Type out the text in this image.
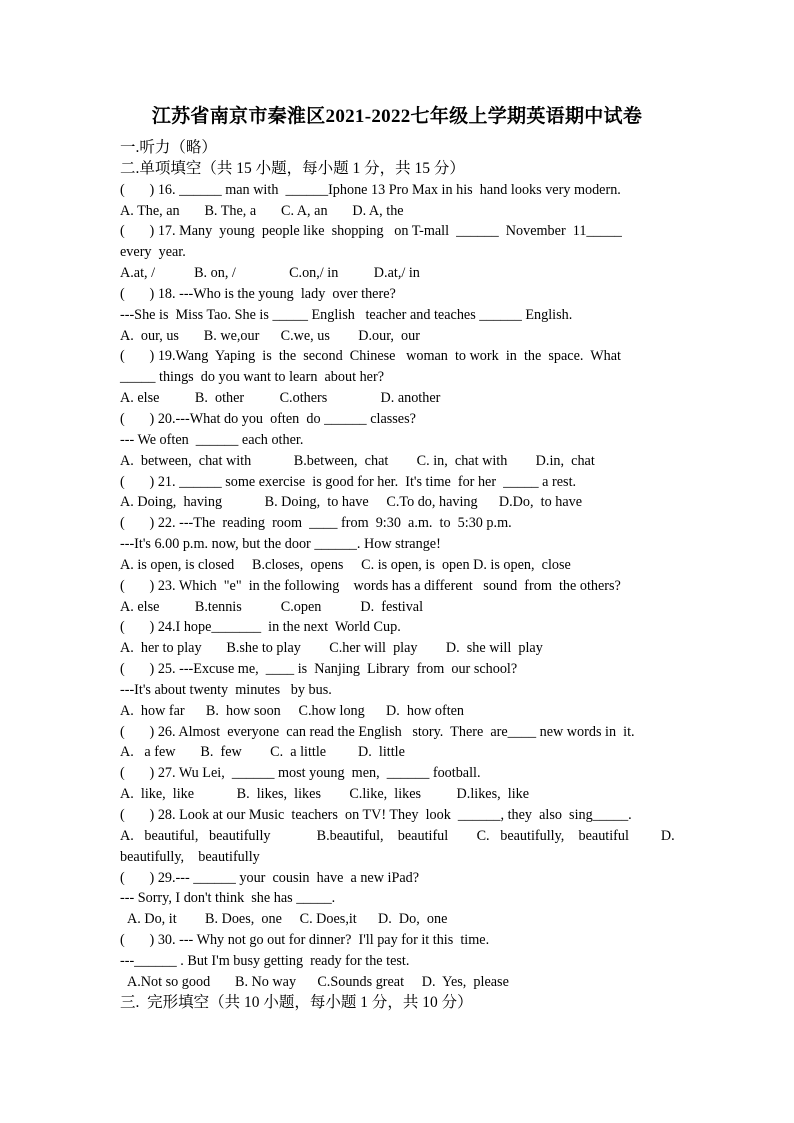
江苏省南京市秦淮区2021-2022七年级上学期英语期中试卷
一.听力（略）
二.单项填空（共 15 小题，每小题 1 分，共 15 分）
(       ) 16. ______ man with  ______Iphone 13 Pro Max in his  hand looks very modern.
A. The, an       B. The, a       C. A, an       D. A, the
(       ) 17. Many  young  people like  shopping   on T-mall  ______  November  11_____
every  year.
A.at, /           B. on, /               C.on,/ in          D.at,/ in
(       ) 18. ---Who is the young  lady  over there?
---She is  Miss Tao. She is _____ English   teacher and teaches ______ English.
A.  our, us       B. we,our      C.we, us        D.our,  our
(       ) 19.Wang  Yaping  is  the  second  Chinese   woman  to work  in  the  space.  What
_____ things  do you want to learn  about her?
A. else          B.  other          C.others               D. another
(       ) 20.---What do you  often  do ______ classes?
--- We often  ______ each other.
A.  between,  chat with            B.between,  chat        C. in,  chat with        D.in,  chat
(       ) 21. ______ some exercise  is good for her.  It's time  for her  _____ a rest.
A. Doing,  having            B. Doing,  to have     C.To do, having      D.Do,  to have
(       ) 22. ---The  reading  room  ____ from  9:30  a.m.  to  5:30 p.m.
---It's 6.00 p.m. now, but the door ______. How strange!
A. is open, is closed     B.closes,  opens     C. is open, is  open D. is open,  close
(       ) 23. Which  "e"  in the following    words has a different   sound  from  the others?
A. else          B.tennis           C.open           D.  festival
(       ) 24.I hope_______  in the next  World Cup.
A.  her to play       B.she to play        C.her will  play        D.  she will  play
(       ) 25. ---Excuse me,  ____ is  Nanjing  Library  from  our school?
---It's about twenty  minutes   by bus.
A.  how far      B.  how soon     C.how long      D.  how often
(       ) 26. Almost  everyone  can read the English   story.  There  are____ new words in  it.
A.   a few       B.  few        C.  a little         D.  little
(       ) 27. Wu Lei,  ______ most young  men,  ______ football.
A.  like,  like            B.  likes,  likes        C.like,  likes          D.likes,  like
(       ) 28. Look at our Music  teachers  on TV! They  look  ______, they  also  sing_____.
A.   beautiful,   beautifully             B.beautiful,    beautiful        C.   beautifully,    beautiful         D.
beautifully,    beautifully
(       ) 29.--- ______ your  cousin  have  a new iPad?
--- Sorry, I don't think  she has _____.
A. Do, it        B. Does,  one     C. Does,it      D.  Do,  one
(       ) 30. --- Why not go out for dinner?  I'll pay for it this  time.
---______ . But I'm busy getting  ready for the test.
A.Not so good       B. No way      C.Sounds great     D.  Yes,  please
三.  完形填空（共 10 小题，每小题 1 分，共 10 分）
